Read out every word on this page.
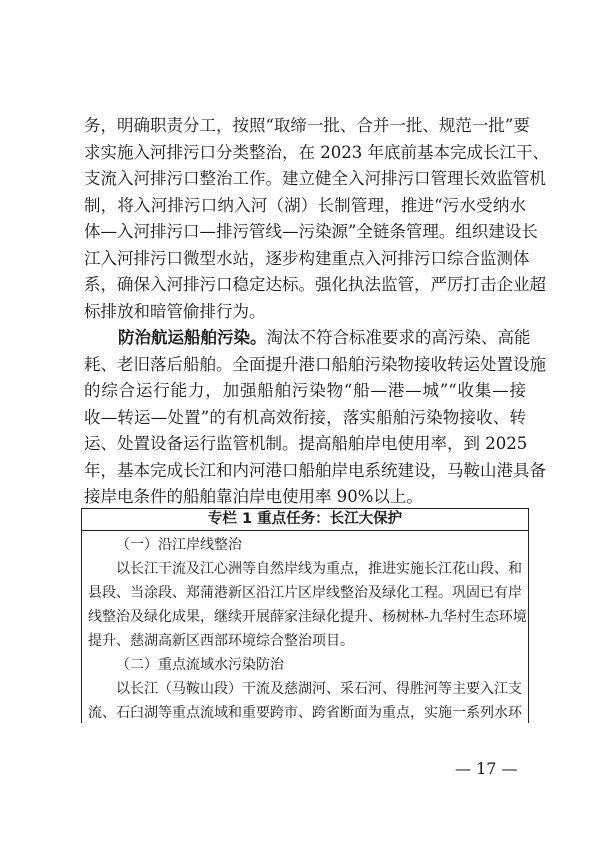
务，明确职责分工，按照“取缔一批、合并一批、规范一批”要
求实施入河排污口分类整治，在 2023 年底前基本完成长江干、
支流入河排污口整治工作。建立健全入河排污口管理长效监管机
制，将入河排污口纳入河（湖）长制管理，推进“污水受纳水
体—入河排污口—排污管线—污染源”全链条管理。组织建设长
江入河排污口微型水站，逐步构建重点入河排污口综合监测体
系，确保入河排污口稳定达标。强化执法监管，严厉打击企业超
标排放和暗管偷排行为。
防治航运船舶污染。淘汰不符合标准要求的高污染、高能
耗、老旧落后船舶。全面提升港口船舶污染物接收转运处置设施
的综合运行能力，加强船舶污染物“船—港—城”“收集—接
收—转运—处置”的有机高效衔接，落实船舶污染物接收、转
运、处置设备运行监管机制。提高船舶岸电使用率，到 2025
专栏 1 重点任务：长江大保护
（一）沿江岸线整治
以长江干流及江心洲等自然岸线为重点，推进实施长江花山段、和
县段、当涂段、郑蒲港新区沿江片区岸线整治及绿化工程。巩固已有岸
线整治及绿化成果，继续开展薛家洼绿化提升、杨树林-九华村生态环境
提升、慈湖高新区西部环境综合整治项目。
（二）重点流域水污染防治
以长江（马鞍山段）干流及慈湖河、采石河、得胜河等主要入江支
流、石臼湖等重点流域和重要跨市、跨省断面为重点，实施一系列水环
— 17 —
年，基本完成长江和内河港口船舶岸电系统建设，马鞍山港具备
接岸电条件的船舶靠泊岸电使用率 90%以上。
